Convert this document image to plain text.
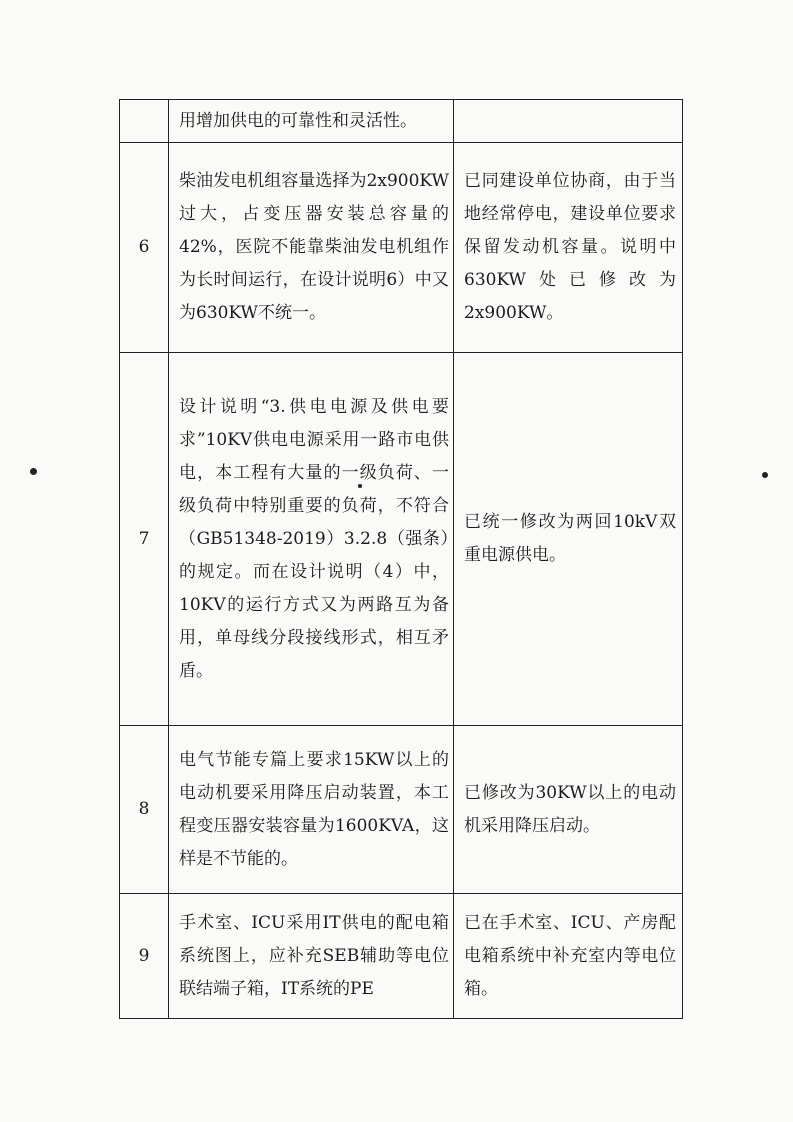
	用增加供电的可靠性和灵活性。	
6	柴油发电机组容量选择为2x900KW过大，占变压器安装总容量的42%，医院不能靠柴油发电机组作为长时间运行，在设计说明6）中又为630KW不统一。	已同建设单位协商，由于当地经常停电，建设单位要求保留发动机容量。说明中630KW处已修改为2x900KW。
7	设计说明“3.供电电源及供电要求”10KV供电电源采用一路市电供电，本工程有大量的一级负荷、一级负荷中特别重要的负荷，不符合（GB51348-2019）3.2.8（强条）的规定。而在设计说明（4）中，10KV的运行方式又为两路互为备用，单母线分段接线形式，相互矛盾。	已统一修改为两回10kV双重电源供电。
8	电气节能专篇上要求15KW以上的电动机要采用降压启动装置，本工程变压器安装容量为1600KVA，这样是不节能的。	已修改为30KW以上的电动机采用降压启动。
9	手术室、ICU采用IT供电的配电箱系统图上，应补充SEB辅助等电位联结端子箱，IT系统的PE	已在手术室、ICU、产房配电箱系统中补充室内等电位箱。
